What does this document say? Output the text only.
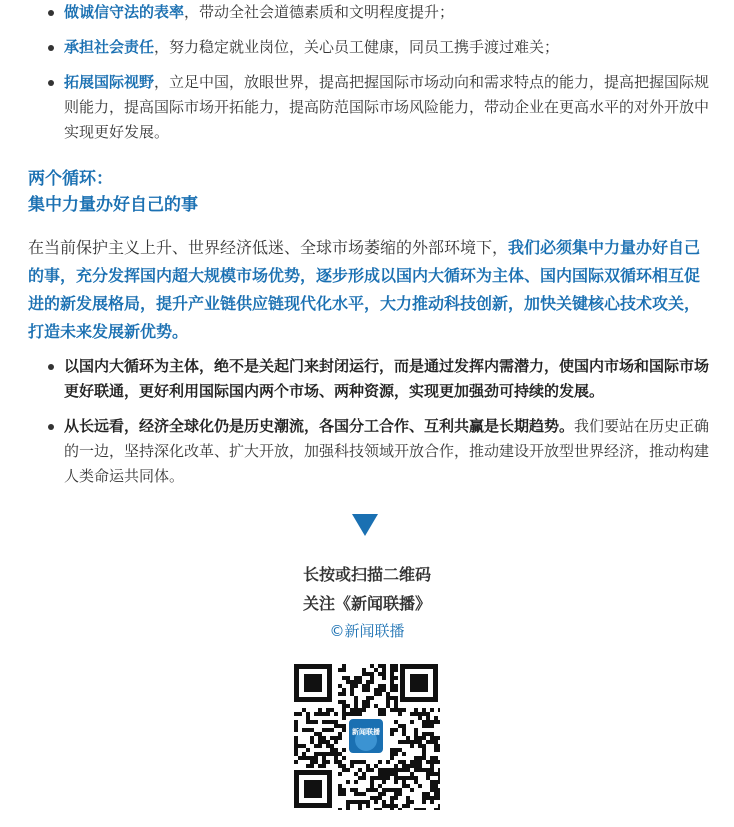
做诚信守法的表率，带动全社会道德素质和文明程度提升；
承担社会责任，努力稳定就业岗位，关心员工健康，同员工携手渡过难关；
拓展国际视野，立足中国，放眼世界，提高把握国际市场动向和需求特点的能力，提高把握国际规则能力，提高国际市场开拓能力，提高防范国际市场风险能力，带动企业在更高水平的对外开放中实现更好发展。
两个循环：
集中力量办好自己的事
在当前保护主义上升、世界经济低迷、全球市场萎缩的外部环境下，我们必须集中力量办好自己的事，充分发挥国内超大规模市场优势，逐步形成以国内大循环为主体、国内国际双循环相互促进的新发展格局，提升产业链供应链现代化水平，大力推动科技创新，加快关键核心技术攻关，打造未来发展新优势。
以国内大循环为主体，绝不是关起门来封闭运行，而是通过发挥内需潜力，使国内市场和国际市场更好联通，更好利用国际国内两个市场、两种资源，实现更加强劲可持续的发展。
从长远看，经济全球化仍是历史潮流，各国分工合作、互利共赢是长期趋势。我们要站在历史正确的一边，坚持深化改革、扩大开放，加强科技领域开放合作，推动建设开放型世界经济，推动构建人类命运共同体。
长按或扫描二维码
关注《新闻联播》
©新闻联播
新闻联播
